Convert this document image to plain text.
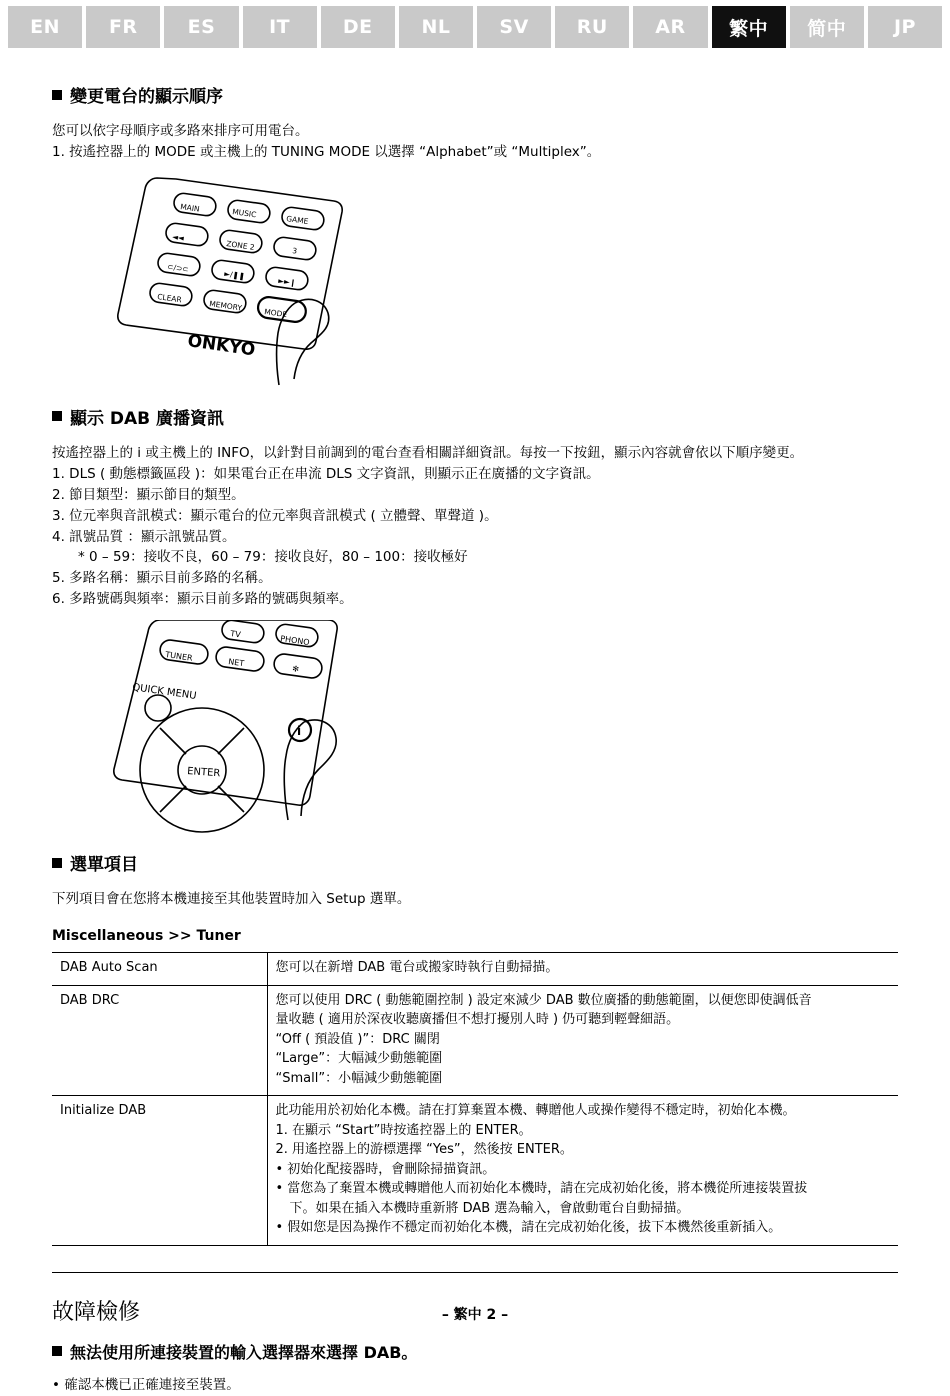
EN	FR	ES	IT	DE	NL	SV	RU	AR	繁中	简中	JP
變更電台的顯示順序

您可以依字母順序或多路來排序可用電台。

1. 按遙控器上的 MODE 或主機上的 TUNING MODE 以選擇 “Alphabet”或 “Multiplex”。

MAIN	MUSIC
GAME
◄◄
ZONE 2	3
⊂/⊃⊂
►/❚❚
►►❙
CLEAR
MEMORY
MODE
ONKYO
顯示 DAB 廣播資訊

按遙控器上的 ⅰ 或主機上的 INFO，以針對目前調到的電台查看相關詳細資訊。每按一下按鈕，顯示內容就會依以下順序變更。

1. DLS ( 動態標籤區段 )：如果電台正在串流 DLS 文字資訊，則顯示正在廣播的文字資訊。

2. 節目類型：顯示節目的類型。

3. 位元率與音訊模式：顯示電台的位元率與音訊模式 ( 立體聲、單聲道 )。

4. 訊號品質 ：顯示訊號品質。

* 0 – 59：接收不良，60 – 79：接收良好，80 – 100：接收極好

5. 多路名稱：顯示目前多路的名稱。

6. 多路號碼與頻率：顯示目前多路的號碼與頻率。

TV	PHONO
TUNER	NET
✻
QUICK MENU
ENTER
ⅰ
選單項目

下列項目會在您將本機連接至其他裝置時加入 Setup 選單。

Miscellaneous >> Tuner
DAB Auto Scan	您可以在新增 DAB 電台或搬家時執行自動掃描。

DAB DRC	您可以使用 DRC ( 動態範圍控制 ) 設定來減少 DAB 數位廣播的動態範圍，以便您即使調低音
量收聽 ( 適用於深夜收聽廣播但不想打擾別人時 ) 仍可聽到輕聲細語。
“Off ( 預設值 )”：DRC 關閉
“Large”：大幅減少動態範圍
“Small”：小幅減少動態範圍

Initialize DAB	此功能用於初始化本機。請在打算棄置本機、轉贈他人或操作變得不穩定時，初始化本機。
1. 在顯示 “Start”時按遙控器上的 ENTER。
2. 用遙控器上的游標選擇 “Yes”，然後按 ENTER。
• 初始化配接器時，會刪除掃描資訊。
• 當您為了棄置本機或轉贈他人而初始化本機時，請在完成初始化後，將本機從所連接裝置拔
下。如果在插入本機時重新將 DAB 選為輸入，會啟動電台自動掃描。
• 假如您是因為操作不穩定而初始化本機，請在完成初始化後，拔下本機然後重新插入。
故障檢修
無法使用所連接裝置的輸入選擇器來選擇 DAB。

• 確認本機已正確連接至裝置。

– 繁中 2 –
